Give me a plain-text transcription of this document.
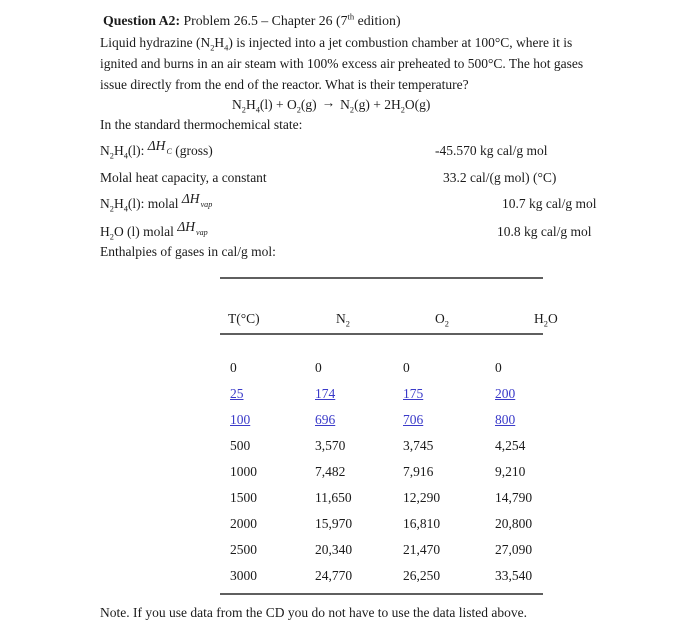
Question A2: Problem 26.5 – Chapter 26 (7th edition)
Liquid hydrazine $(N_2H_4)$ is injected into a jet combustion chamber at 100°C, where it is
ignited and burns in an air steam with 100% excess air preheated to 500°C. The hot gases
issue directly from the end of the reactor. What is their temperature?
$N_2H_4(l) + O_2(g) \to N_2(g) + 2H_2O(g)$
In the standard thermochemical state:
$N_2H_4(l)$: ΔHC (gross)	-45.570 kg cal/g mol
Molal heat capacity, a constant	33.2 cal/(g mol) (°C)
$N_2H_4(l)$: molal ΔHvap	10.7 kg cal/g mol
$H_2O$ (l) molal ΔHvap	10.8 kg cal/g mol
Enthalpies of gases in cal/g mol:
T(°C)	$N_2$	$O_2$	$H_2O$
0	0	0	0
25	174	175	200
100	696	706	800
500	3,570	3,745	4,254
1000	7,482	7,916	9,210
1500	11,650	12,290	14,790
2000	15,970	16,810	20,800
2500	20,340	21,470	27,090
3000	24,770	26,250	33,540
Note. If you use data from the CD you do not have to use the data listed above.
